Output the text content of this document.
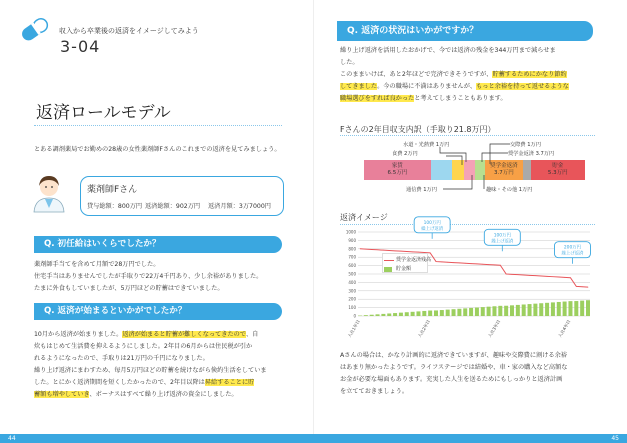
収入から卒業後の返済をイメージしてみよう
3-04
返済ロールモデル
とある調剤薬局でお勤めの28歳の女性薬剤師Fさんのこれまでの返済を見てみましょう。
薬剤師Fさん
貸与総額：800万円 返済総額：902万円 返済月額：3万7000円
Q. 初任給はいくらでしたか？
薬剤師手当てを含めて月額で28万円でした。
住宅手当はありませんでしたが手取りで22万4千円あり、少し余裕がありました。
たまに外食もしていましたが、5万円ほどの貯蓄はできていました。
Q. 返済が始まるといかがでしたか？
10月から返済が始まりました。返済が始まると貯蓄が難しくなってきたので、自
炊もはじめて生活費を抑えるようにしました。2年目の6月からは住民税が引か
れるようになったので、手取りは21万円の千円になりました。
繰り上げ返済にまわすため、毎月5万円ほどの貯蓄を続けながら倹約生活をしていま
した。とにかく返済期間を短くしたかったので、2年目以降は昇給することに貯
蓄額も増やしていき、ボーナスはすべて繰り上げ返済の資金にしました。
Q. 返済の状況はいかがですか？
繰り上げ返済を活用したおかげで、今では返済の残金を344万円まで減らせま
した。
このままいけば、あと2年ほどで完済できそうですが、貯蓄するためにかなり節約
してきました。今の職場に不満はありませんが、もっと余裕を持って返せるような
職場選びをすれば良かったと考えてしまうこともあります。
Fさんの2年目収支内訳（手取り21.8万円）
水道・光熱費 1万円
食費 2万円
通信費 1万円
奨学金返済 3.7万円
交際費 1万円
趣味・その他 1万円
家賃
6.5万円
奨学金返済
3.7万円
貯金
5.3万円
返済イメージ
0
100
200
300
400
500
600
700
800
900
1000
入社1年目	入社2年目	入社3年目	入社4年目
100万円
繰上げ返済
100万円
繰上げ返済
200万円
繰上げ返済
奨学金返済残高
貯金額
Aさんの場合は、かなり計画的に返済できていますが、趣味や交際費に割ける余裕
はあまり無かったようです。ライフステージでは結婚や、車・家の購入など高額な
お金が必要な場面もあります。充実した人生を送るためにもしっかりと返済計画
を立てておきましょう。
44	45
